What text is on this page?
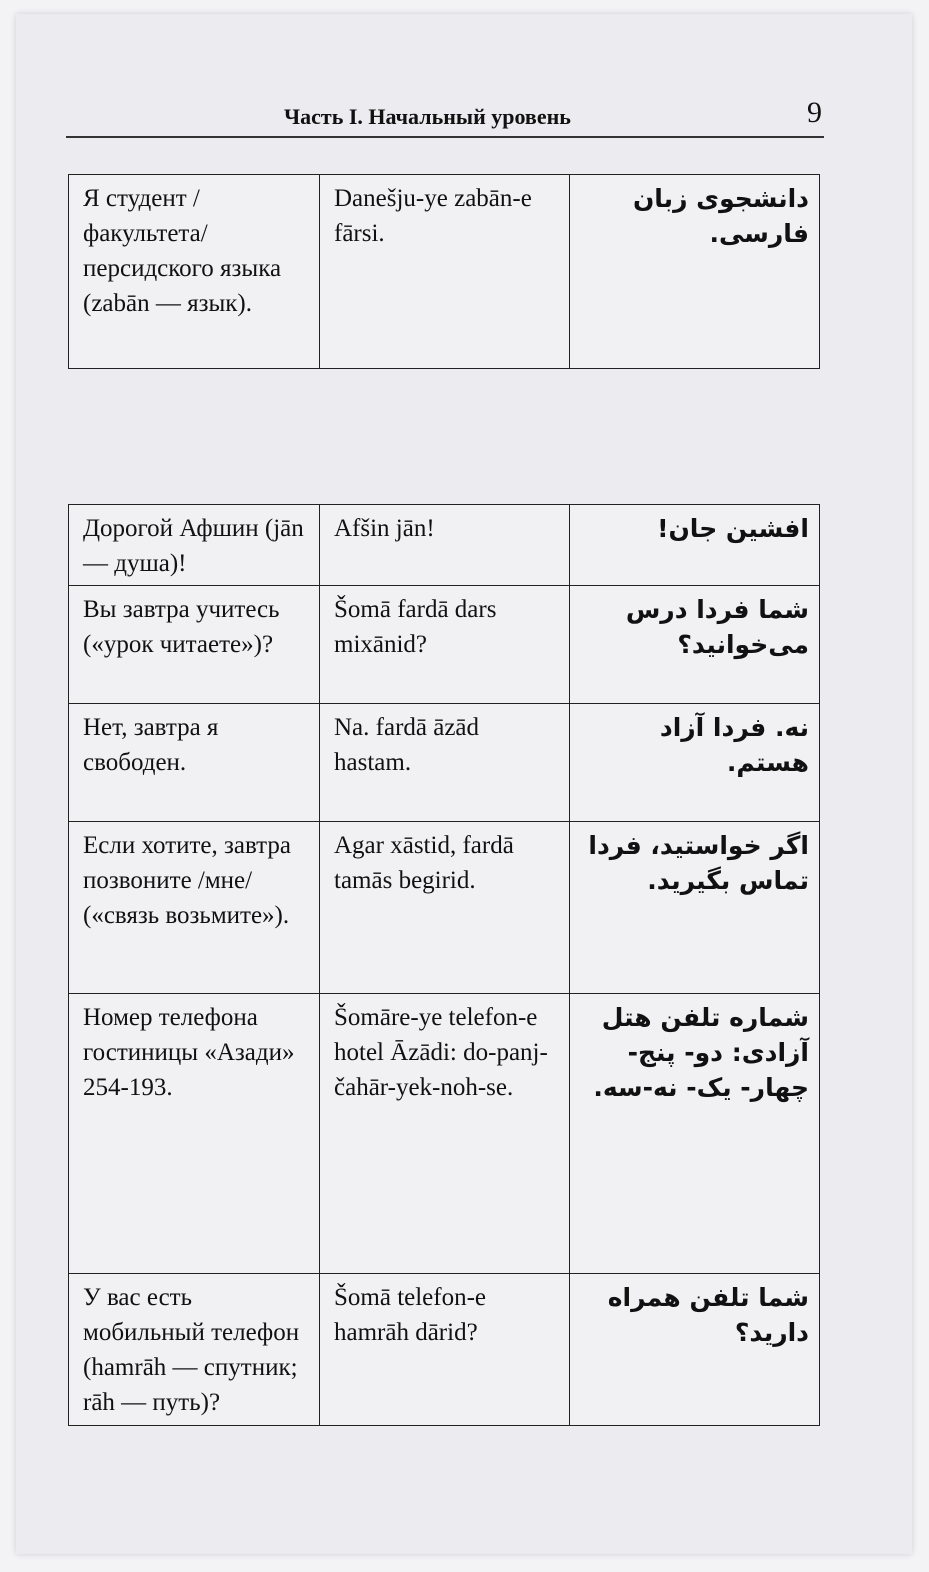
Часть I. Начальный уровень	9
Я студент /факультета/ персидского языка (zabān — язык).	Danešju-ye zabān-e fārsi.	دانشجوی زبان فارسی.
Дорогой Афшин (jān — душа)!	Afšin jān!	افشین جان!
Вы завтра учитесь («урок читаете»)?	Šomā fardā dars mixānid?	شما فردا درس می‌خوانید؟
Нет, завтра я свободен.	Na. fardā āzād hastam.	نه. فردا آزاد هستم.
Если хотите, завтра позвоните /мне/ («связь возьмите»).	Agar xāstid, fardā tamās begirid.	اگر خواستید، فردا تماس بگیرید.
Номер телефона гостиницы «Азади» 254-193.	Šomāre-ye telefon-e hotel Āzādi: do-panj-čahār-yek-noh-se.	شماره تلفن هتل آزادی: دو- پنج- چهار- یک- نه-سه.
У вас есть мобильный телефон (hamrāh — спутник; rāh — путь)?	Šomā telefon-e hamrāh dārid?	شما تلفن همراه دارید؟
